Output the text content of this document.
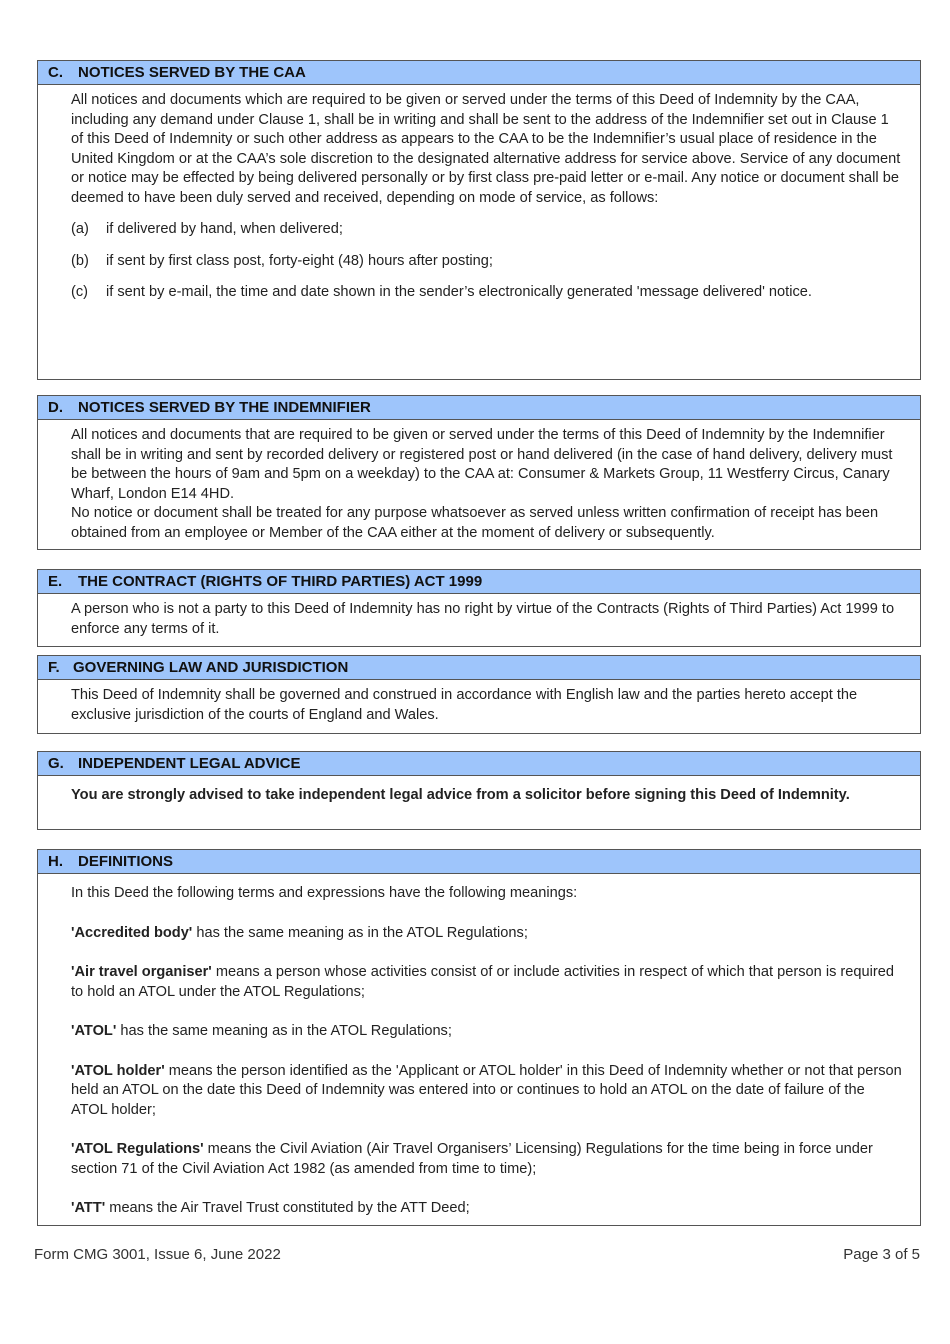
C. NOTICES SERVED BY THE CAA

All notices and documents which are required to be given or served under the terms of this Deed of Indemnity by the CAA, including any demand under Clause 1, shall be in writing and shall be sent to the address of the Indemnifier set out in Clause 1 of this Deed of Indemnity or such other address as appears to the CAA to be the Indemnifier’s usual place of residence in the United Kingdom or at the CAA’s sole discretion to the designated alternative address for service above. Service of any document or notice may be effected by being delivered personally or by first class pre-paid letter or e-mail. Any notice or document shall be deemed to have been duly served and received, depending on mode of service, as follows:

(a) if delivered by hand, when delivered;
(b) if sent by first class post, forty-eight (48) hours after posting;
(c) if sent by e-mail, the time and date shown in the sender’s electronically generated 'message delivered' notice.
D. NOTICES SERVED BY THE INDEMNIFIER

All notices and documents that are required to be given or served under the terms of this Deed of Indemnity by the Indemnifier shall be in writing and sent by recorded delivery or registered post or hand delivered (in the case of hand delivery, delivery must be between the hours of 9am and 5pm on a weekday) to the CAA at: Consumer & Markets Group, 11 Westferry Circus, Canary Wharf, London E14 4HD.

No notice or document shall be treated for any purpose whatsoever as served unless written confirmation of receipt has been obtained from an employee or Member of the CAA either at the moment of delivery or subsequently.

E. THE CONTRACT (RIGHTS OF THIRD PARTIES) ACT 1999

A person who is not a party to this Deed of Indemnity has no right by virtue of the Contracts (Rights of Third Parties) Act 1999 to enforce any terms of it.

F. GOVERNING LAW AND JURISDICTION

This Deed of Indemnity shall be governed and construed in accordance with English law and the parties hereto accept the exclusive jurisdiction of the courts of England and Wales.

G. INDEPENDENT LEGAL ADVICE

You are strongly advised to take independent legal advice from a solicitor before signing this Deed of Indemnity.

H. DEFINITIONS

In this Deed the following terms and expressions have the following meanings:

'Accredited body' has the same meaning as in the ATOL Regulations;

'Air travel organiser' means a person whose activities consist of or include activities in respect of which that person is required to hold an ATOL under the ATOL Regulations;

'ATOL' has the same meaning as in the ATOL Regulations;

'ATOL holder' means the person identified as the 'Applicant or ATOL holder' in this Deed of Indemnity whether or not that person held an ATOL on the date this Deed of Indemnity was entered into or continues to hold an ATOL on the date of failure of the ATOL holder;

'ATOL Regulations' means the Civil Aviation (Air Travel Organisers’ Licensing) Regulations for the time being in force under section 71 of the Civil Aviation Act 1982 (as amended from time to time);

'ATT' means the Air Travel Trust constituted by the ATT Deed;

Form CMG 3001, Issue 6, June 2022	Page 3 of 5
